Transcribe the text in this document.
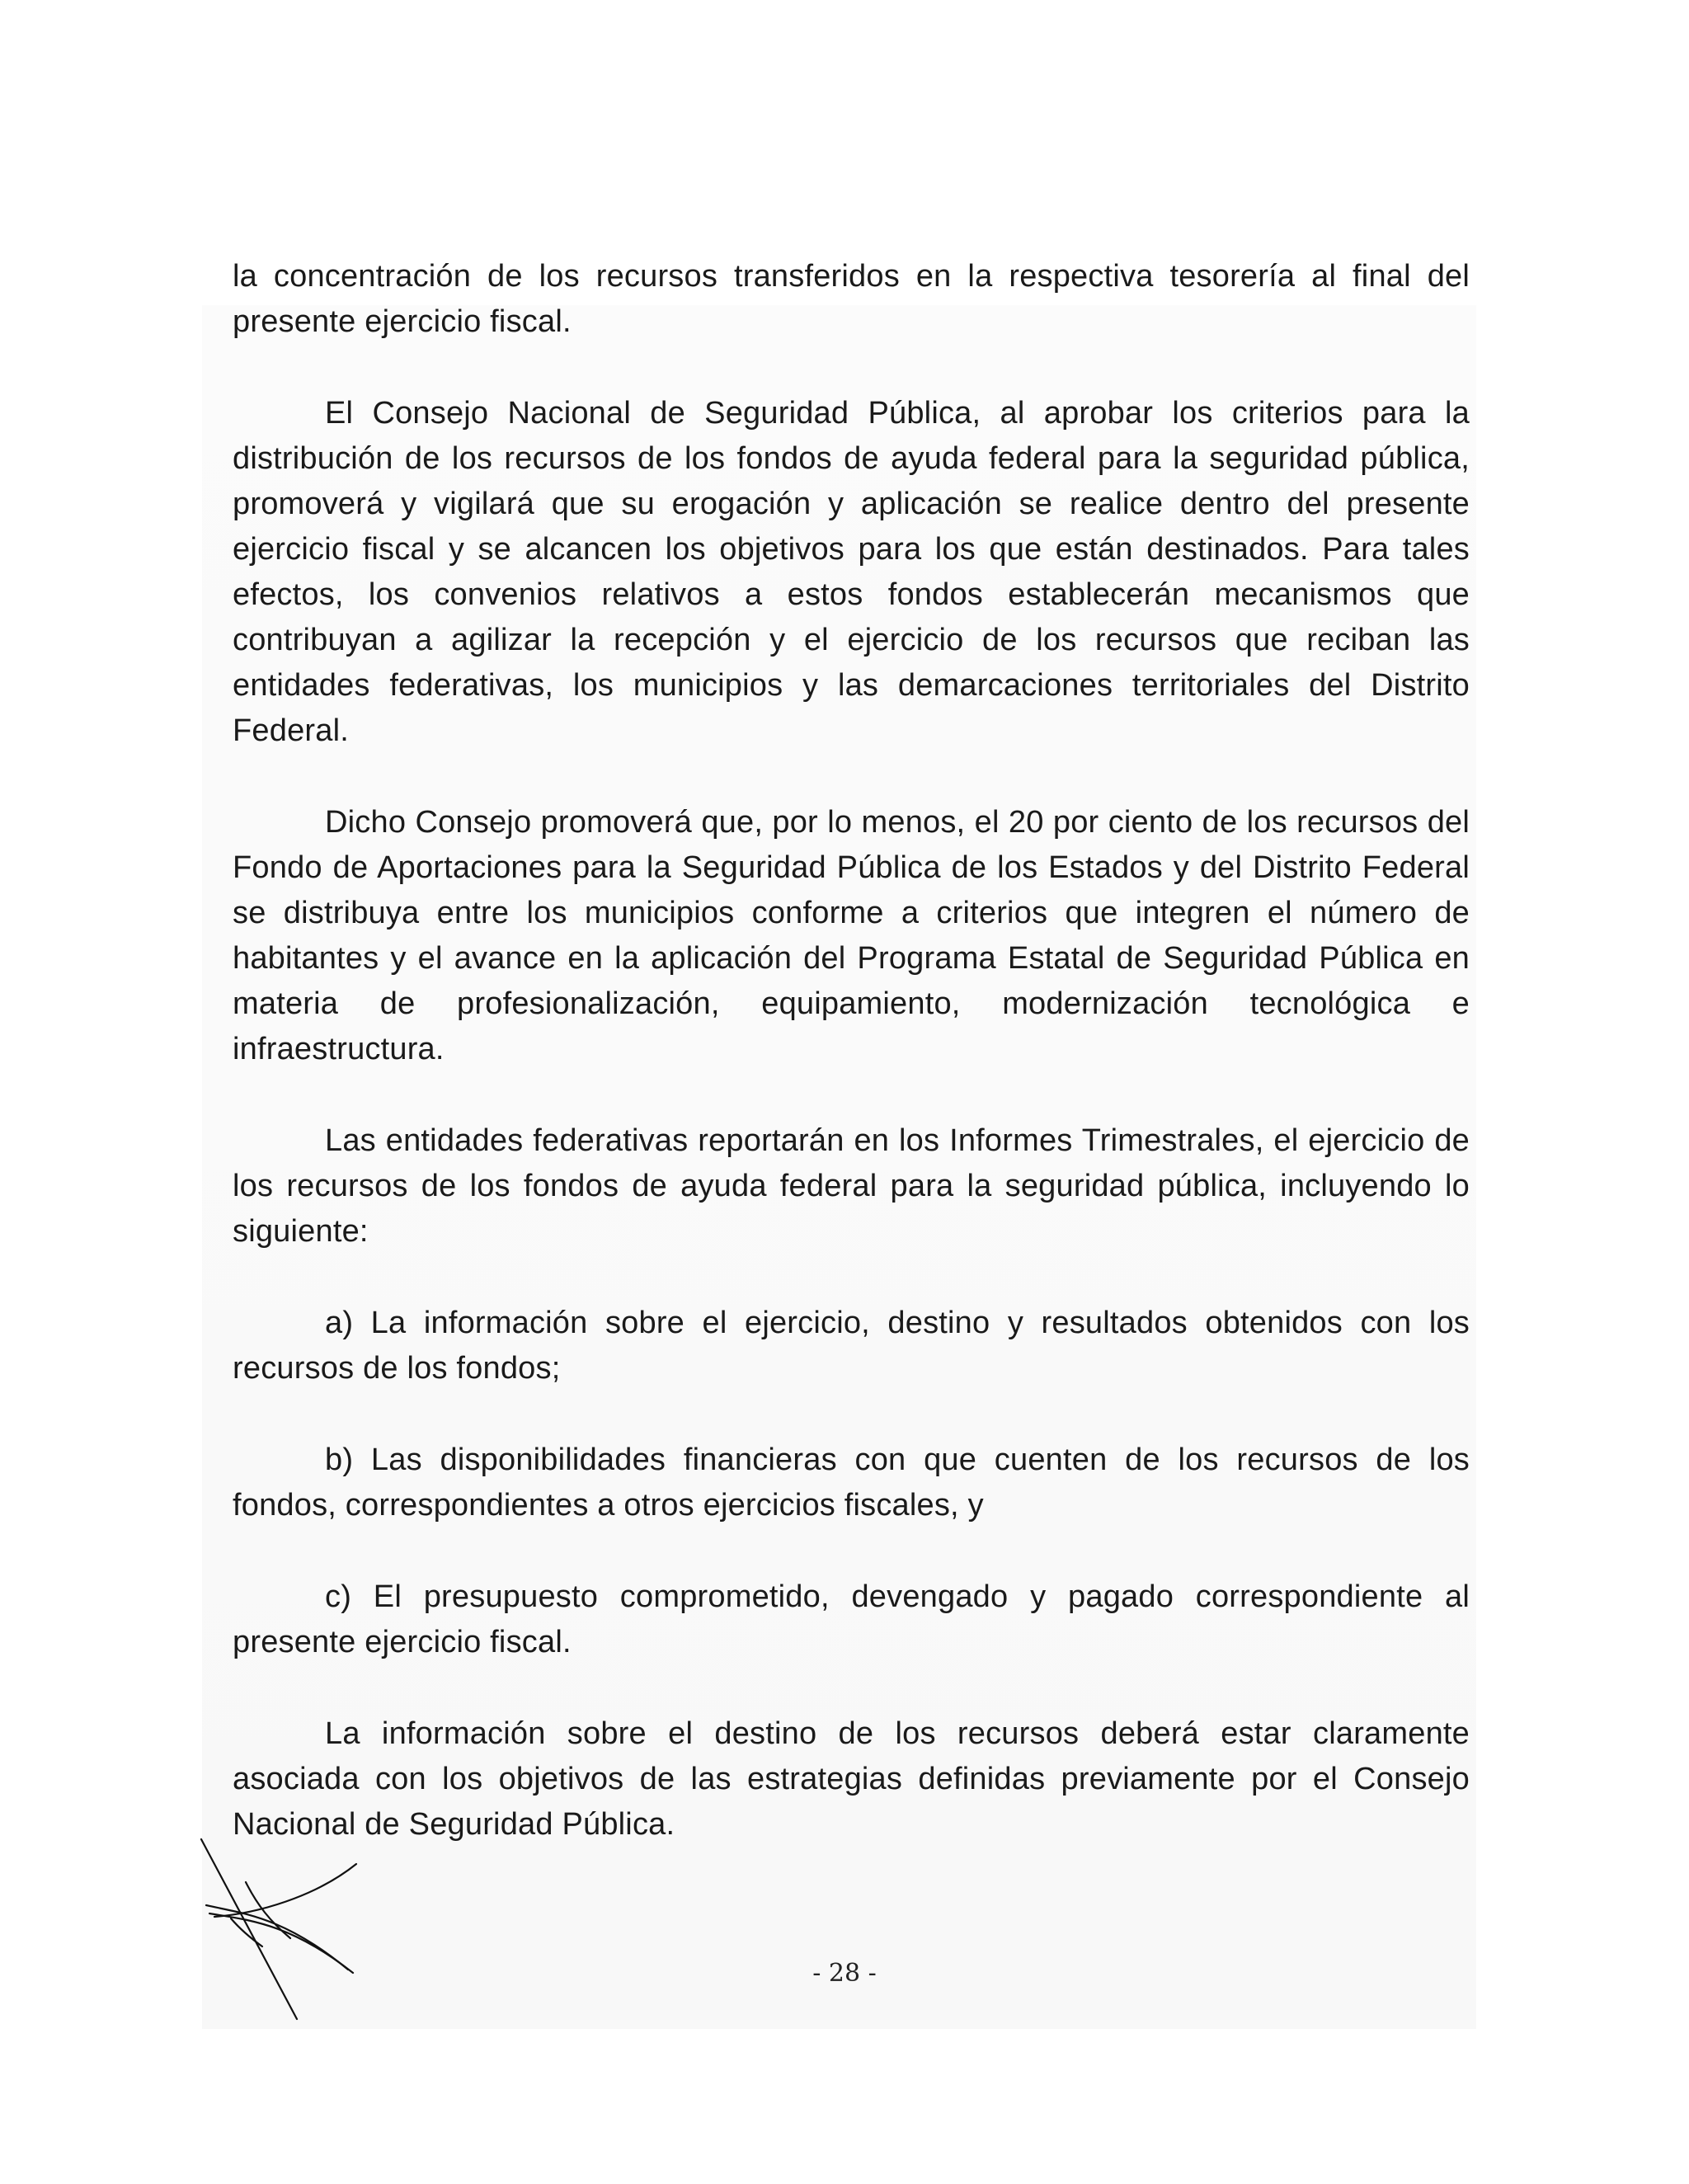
la concentración de los recursos transferidos en la respectiva tesorería al final del presente ejercicio fiscal.

El Consejo Nacional de Seguridad Pública, al aprobar los criterios para la distribución de los recursos de los fondos de ayuda federal para la seguridad pública, promoverá y vigilará que su erogación y aplicación se realice dentro del presente ejercicio fiscal y se alcancen los objetivos para los que están destinados. Para tales efectos, los convenios relativos a estos fondos establecerán mecanismos que contribuyan a agilizar la recepción y el ejercicio de los recursos que reciban las entidades federativas, los municipios y las demarcaciones territoriales del Distrito Federal.

Dicho Consejo promoverá que, por lo menos, el 20 por ciento de los recursos del Fondo de Aportaciones para la Seguridad Pública de los Estados y del Distrito Federal se distribuya entre los municipios conforme a criterios que integren el número de habitantes y el avance en la aplicación del Programa Estatal de Seguridad Pública en materia de profesionalización, equipamiento, modernización tecnológica e infraestructura.

Las entidades federativas reportarán en los Informes Trimestrales, el ejercicio de los recursos de los fondos de ayuda federal para la seguridad pública, incluyendo lo siguiente:

a) La información sobre el ejercicio, destino y resultados obtenidos con los recursos de los fondos;

b) Las disponibilidades financieras con que cuenten de los recursos de los fondos, correspondientes a otros ejercicios fiscales, y

c) El presupuesto comprometido, devengado y pagado correspondiente al presente ejercicio fiscal.

La información sobre el destino de los recursos deberá estar claramente asociada con los objetivos de las estrategias definidas previamente por el Consejo Nacional de Seguridad Pública.

- 28 -
